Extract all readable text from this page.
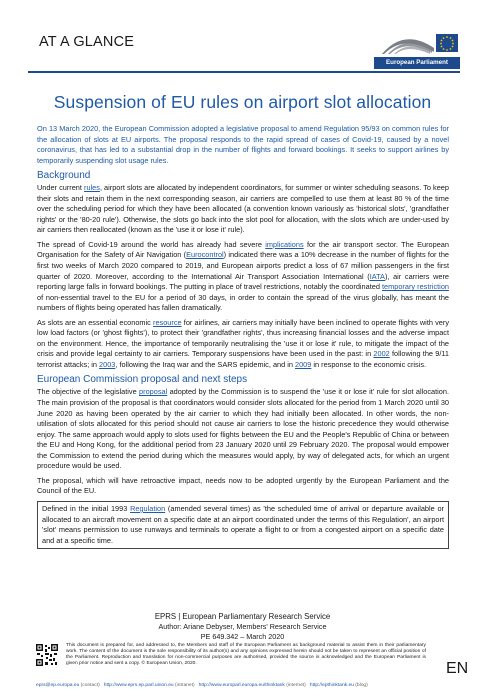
AT A GLANCE
European Parliament
Suspension of EU rules on airport slot allocation

On 13 March 2020, the European Commission adopted a legislative proposal to amend Regulation 95/93 on common rules for the allocation of slots at EU airports. The proposal responds to the rapid spread of cases of Covid-19, caused by a novel coronavirus, that has led to a substantial drop in the number of flights and forward bookings. It seeks to support airlines by temporarily suspending slot usage rules.

Background

Under current rules, airport slots are allocated by independent coordinators, for summer or winter scheduling seasons. To keep their slots and retain them in the next corresponding season, air carriers are compelled to use them at least 80 % of the time over the scheduling period for which they have been allocated (a convention known variously as 'historical slots', 'grandfather rights' or the '80-20 rule'). Otherwise, the slots go back into the slot pool for allocation, with the slots which are under-used by air carriers then reallocated (known as the 'use it or lose it' rule).

The spread of Covid-19 around the world has already had severe implications for the air transport sector. The European Organisation for the Safety of Air Navigation (Eurocontrol) indicated there was a 10% decrease in the number of flights for the first two weeks of March 2020 compared to 2019, and European airports predict a loss of 67 million passengers in the first quarter of 2020. Moreover, according to the International Air Transport Association International (IATA), air carriers were reporting large falls in forward bookings. The putting in place of travel restrictions, notably the coordinated temporary restriction of non-essential travel to the EU for a period of 30 days, in order to contain the spread of the virus globally, has meant the numbers of flights being operated has fallen dramatically.

As slots are an essential economic resource for airlines, air carriers may initially have been inclined to operate flights with very low load factors (or 'ghost flights'), to protect their 'grandfather rights', thus increasing financial losses and the adverse impact on the environment. Hence, the importance of temporarily neutralising the 'use it or lose it' rule, to mitigate the impact of the crisis and provide legal certainty to air carriers. Temporary suspensions have been used in the past: in 2002 following the 9/11 terrorist attacks; in 2003, following the Iraq war and the SARS epidemic, and in 2009 in response to the economic crisis.

European Commission proposal and next steps

The objective of the legislative proposal adopted by the Commission is to suspend the 'use it or lose it' rule for slot allocation. The main provision of the proposal is that coordinators would consider slots allocated for the period from 1 March 2020 until 30 June 2020 as having been operated by the air carrier to which they had initially been allocated. In other words, the non-utilisation of slots allocated for this period should not cause air carriers to lose the historic precedence they would otherwise enjoy. The same approach would apply to slots used for flights between the EU and the People's Republic of China or between the EU and Hong Kong, for the additional period from 23 January 2020 until 29 February 2020. The proposal would empower the Commission to extend the period during which the measures would apply, by way of delegated acts, for which an urgent procedure would be used.

The proposal, which will have retroactive impact, needs now to be adopted urgently by the European Parliament and the Council of the EU.

Defined in the initial 1993 Regulation (amended several times) as 'the scheduled time of arrival or departure available or allocated to an aircraft movement on a specific date at an airport coordinated under the terms of this Regulation', an airport 'slot' means permission to use runways and terminals to operate a flight to or from a congested airport on a specific date and at a specific time.

EPRS | European Parliamentary Research Service
Author: Ariane Debyser, Members' Research Service
PE 649.342 – March 2020
This document is prepared for, and addressed to, the Members and staff of the European Parliament as background material to assist them in their parliamentary work. The content of the document is the sole responsibility of its author(s) and any opinions expressed herein should not be taken to represent an official position of the Parliament. Reproduction and translation for non-commercial purposes are authorised, provided the source is acknowledged and the European Parliament is given prior notice and sent a copy. © European Union, 2020.
eprs@ep.europa.eu (contact) http://www.eprs.ep.parl.union.eu (intranet) http://www.europarl.europa.eu/thinktank (internet) http://epthinktank.eu (blog)
EN
